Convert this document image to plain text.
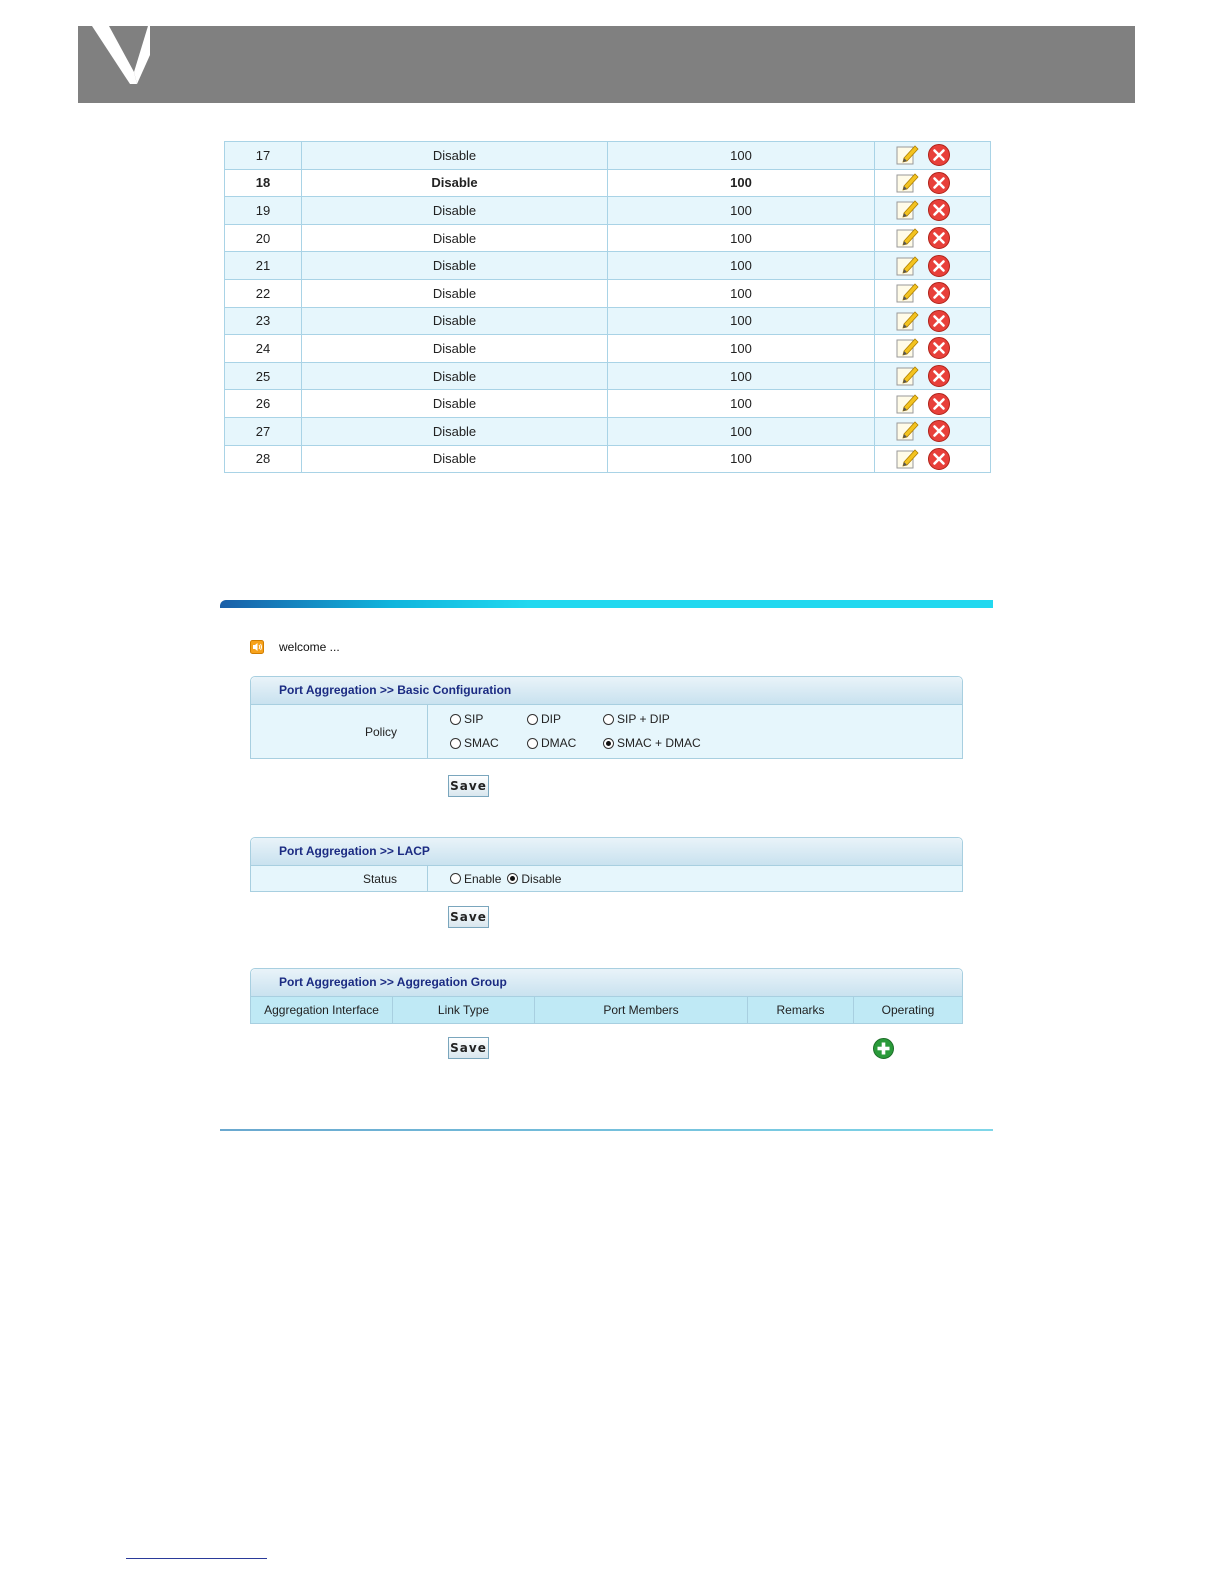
17	Disable	100	
18	Disable	100	
19	Disable	100	
20	Disable	100	
21	Disable	100	
22	Disable	100	
23	Disable	100	
24	Disable	100	
25	Disable	100	
26	Disable	100	
27	Disable	100	
28	Disable	100	
welcome ...
Port Aggregation >> Basic Configuration
Policy
SIP	DIP	SIP + DIP
SMAC	DMAC	SMAC + DMAC
Save
Port Aggregation >> LACP
Status	Enable Disable
Save
Port Aggregation >> Aggregation Group
Aggregation Interface	Link Type	Port Members	Remarks	Operating
Save
